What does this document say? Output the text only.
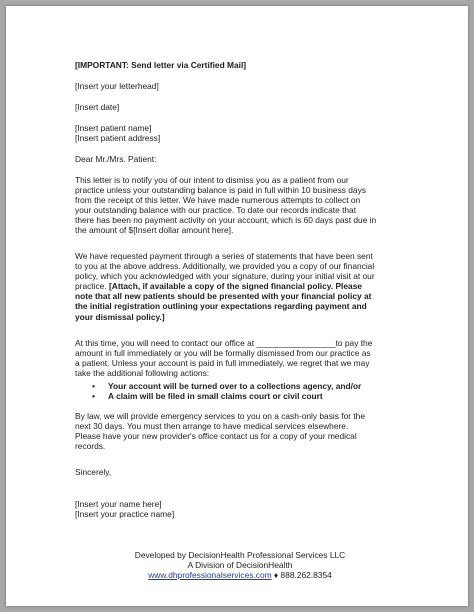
[IMPORTANT: Send letter via Certified Mail]
[Insert your letterhead]
[Insert date]
[Insert patient name]
[Insert patient address]
Dear Mr./Mrs. Patient:
This letter is to notify you of our intent to dismiss you as a patient from our
practice unless your outstanding balance is paid in full within 10 business days
from the receipt of this letter. We have made numerous attempts to collect on
your outstanding balance with our practice. To date our records indicate that
there has been no payment activity on your account, which is 60 days past due in
the amount of $[Insert dollar amount here].
We have requested payment through a series of statements that have been sent
to you at the above address. Additionally, we provided you a copy of our financial
policy, which you acknowledged with your signature, during your initial visit at our
practice. [Attach, if available a copy of the signed financial policy. Please
note that all new patients should be presented with your financial policy at
the initial registration outlining your expectations regarding payment and
your dismissal policy.]
At this time, you will need to contact our office at _________________to pay the
amount in full immediately or you will be formally dismissed from our practice as
a patient. Unless your account is paid in full immediately, we regret that we may
take the additional following actions:
• Your account will be turned over to a collections agency, and/or
• A claim will be filed in small claims court or civil court
By law, we will provide emergency services to you on a cash-only basis for the
next 30 days. You must then arrange to have medical services elsewhere.
Please have your new provider's office contact us for a copy of your medical
records.
Sincerely,
[Insert your name here]
[Insert your practice name]
Developed by DecisionHealth Professional Services LLC
A Division of DecisionHealth
www.dhprofessionalservices.com ♦ 888.262.8354
